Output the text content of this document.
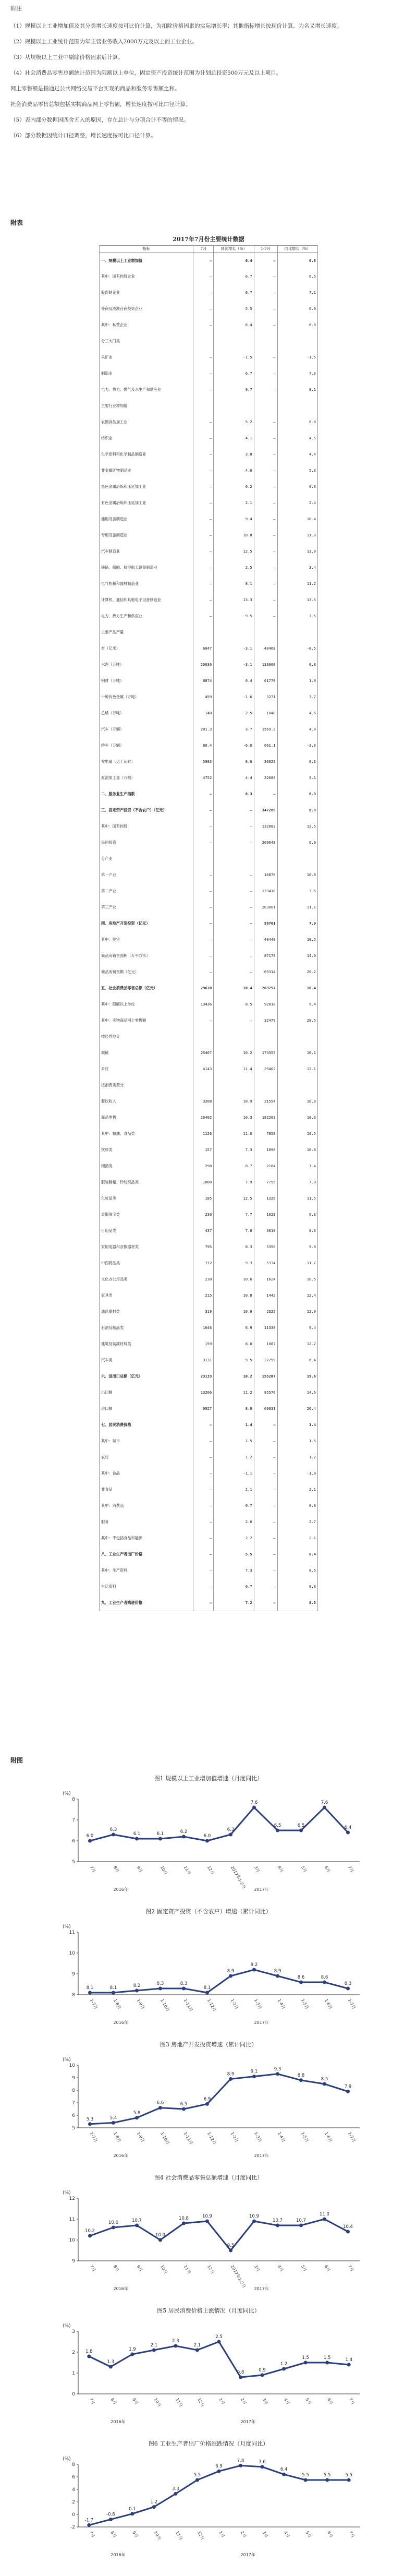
附注

（1）规模以上工业增加值及其分类增长速度按可比价计算，为扣除价格因素的实际增长率；其他指标增长按现价计算，为名义增长速度。

（2）规模以上工业统计范围为年主营业务收入2000万元及以上的工业企业。

（3）从规模以上工业中剔除价格因素后计算。

（4）社会消费品零售总额统计范围为限额以上单位，固定资产投资统计范围为计划总投资500万元及以上项目。

网上零售额是指通过公共网络交易平台实现的商品和服务零售额之和。

社会消费品零售总额包括实物商品网上零售额，增长速度按可比口径计算。

（5）表内部分数据因四舍五入的原因，存在总计与分项合计不等的情况。

（6）部分数据因统计口径调整，增长速度按可比口径计算。

附表
2017年7月份主要统计数据
指标	7月	同比增长（%）	1-7月	同比增长（%）
一、规模以上工业增加值	—	6.4	—	6.8
其中：国有控股企业	—	6.7	—	6.5
股份制企业	—	6.7	—	7.1
外商及港澳台商投资企业	—	5.5	—	6.9
其中：私营企业	—	6.4	—	6.9
分三大门类				
采矿业	—	-1.5	—	-1.5
制造业	—	6.7	—	7.3
电力、热力、燃气及水生产和供应业	—	9.7	—	8.1
主要行业增加值				
农副食品加工业	—	5.2	—	6.8
纺织业	—	4.1	—	4.5
化学原料和化学制品制造业	—	3.8	—	4.4
非金属矿物制品业	—	4.6	—	5.3
黑色金属冶炼和压延加工业	—	0.2	—	0.8
有色金属冶炼和压延加工业	—	2.1	—	2.4
通用设备制造业	—	9.4	—	10.4
专用设备制造业	—	10.8	—	11.8
汽车制造业	—	12.5	—	13.0
铁路、船舶、航空航天设备制造业	—	2.5	—	3.4
电气机械和器材制造业	—	8.1	—	11.2
计算机、通信和其他电子设备制造业	—	13.3	—	13.5
电力、热力生产和供应业	—	9.5	—	7.5
主要产品产量				
布（亿米）	6047	-3.1	40468	-0.5
水泥（万吨）	20030	-3.1	133600	0.8
钢材（万吨）	8874	0.4	61770	1.0
十种有色金属（万吨）	459	-1.6	3271	3.7
乙烯（万吨）	140	2.5	1048	4.6
汽车（万辆）	201.3	3.7	1569.3	4.0
轿车（万辆）	80.4	-6.0	661.1	-3.8
发电量（亿千瓦时）	5983	8.6	36029	6.3
原油加工量（万吨）	4752	4.4	32689	3.1
二、服务业生产指数	—	8.3	—	8.3
三、固定资产投资（不含农户）（亿元）	—	—	347289	8.3
其中：国有控股	—	—	132083	12.5
民间投资	—	—	209648	6.9
分产业				
第一产业	—	—	10870	16.0
第二产业	—	—	133418	3.5
第三产业	—	—	203001	11.1
四、房地产开发投资（亿元）	—	—	59761	7.9
其中：住宅	—	—	40440	10.5
商品房销售面积（万平方米）	—	—	87178	14.0
商品房销售额（亿元）	—	—	69314	20.2
五、社会消费品零售总额（亿元）	29610	10.4	203757	10.4
其中：限额以上单位	13436	8.5	92018	9.4
其中：实物商品网上零售额	—	—	32479	28.5
按经营地分				
城镇	25467	10.2	174355	10.1
乡村	4143	11.4	29402	12.1
按消费类型分				
餐饮收入	3208	10.9	21554	10.9
商品零售	26402	10.3	182203	10.3
其中：粮油、食品类	1126	11.0	7858	10.5
饮料类	157	7.3	1098	10.8
烟酒类	298	8.7	2184	7.4
服装鞋帽、针纺织品类	1000	7.9	7795	7.0
化妆品类	185	12.5	1326	11.5
金银珠宝类	230	7.7	1623	6.3
日用品类	437	7.8	3010	8.6
家用电器和音像器材类	795	8.3	5358	9.8
中西药品类	772	9.3	5334	11.7
文化办公用品类	230	10.6	1624	10.5
家具类	215	10.8	1442	12.4
通讯器材类	319	10.9	2325	12.0
石油及制品类	1646	6.9	11330	9.4
建筑及装潢材料类	159	8.0	1087	12.2
汽车类	3131	9.5	22759	6.4
六、进出口总额（亿元）	23133	10.2	155207	19.6
出口额	13206	11.2	85576	14.6
进口额	9927	8.8	69631	26.4
七、居民消费价格	—	1.4	—	1.4
其中：城市	—	1.5	—	1.5
农村	—	1.2	—	1.2
其中：食品	—	-1.1	—	-1.0
非食品	—	2.1	—	2.1
其中：消费品	—	0.7	—	0.8
服务	—	2.6	—	2.7
其中：不包括食品和能源	—	2.2	—	2.1
八、工业生产者出厂价格	—	5.5	—	6.4
其中：生产资料	—	7.3	—	8.5
生活资料	—	0.7	—	0.8
九、工业生产者购进价格	—	7.2	—	8.5
附图
图1 规模以上工业增加值增速（月度同比）
5
6
7
8
(%)
7月	8月	9月	10月	11月	12月	2017年1-2月 3月	4月	5月	6月	7月
2016年	2017年
6.0
6.3
6.1	6.1	6.2
6.0
6.3
7.6
6.5	6.5
7.6
6.4
图2 固定资产投资（不含农户）增速（累计同比）
8
9
10
11
(%)
1-7月	1-8月	1-9月	1-10月	1-11月	1-12月	1-2月	1-3月	1-4月	1-5月	1-6月	1-7月
2016年	2017年
8.1	8.1	8.2	8.3	8.3
8.1
8.9
9.2
8.9
8.6	8.6
8.3
图3 房地产开发投资增速（累计同比）
5
6
7
8
9
10
(%)
1-7月	1-8月	1-9月	1-10月	1-11月	1-12月	1-2月	1-3月	1-4月	1-5月	1-6月	1-7月
2016年	2017年
5.3	5.4
5.8
6.6	6.5
6.9
8.9	9.1	9.3
8.8
8.5
7.9
图4 社会消费品零售总额增速（月度同比）
9
10
11
12
(%)
7月	8月	9月	10月	11月	12月	2017年1-2月 3月	4月	5月	6月	7月
2016年	2017年
10.2
10.6	10.7
10.0
10.8	10.9
9.5
10.9
10.7	10.7
11.0
10.4
图5 居民消费价格上涨情况（月度同比）
0
1
2
3
(%)
7月	8月	9月	10月	11月	12月	1月	2月	3月	4月	5月	6月	7月
2016年	2017年
1.8
1.3
1.9
2.1
2.3
2.1
2.5
0.8	0.9
1.2
1.5	1.5	1.4
图6 工业生产者出厂价格涨跌情况（月度同比）
-2
0
2
4
6
8
(%)
7月	8月	9月	10月	11月	12月	1月	2月	3月	4月	5月	6月	7月
2016年	2017年
-1.7
-0.8
0.1
1.2
3.3
5.5
6.9
7.8	7.6
6.4
5.5	5.5	5.5
